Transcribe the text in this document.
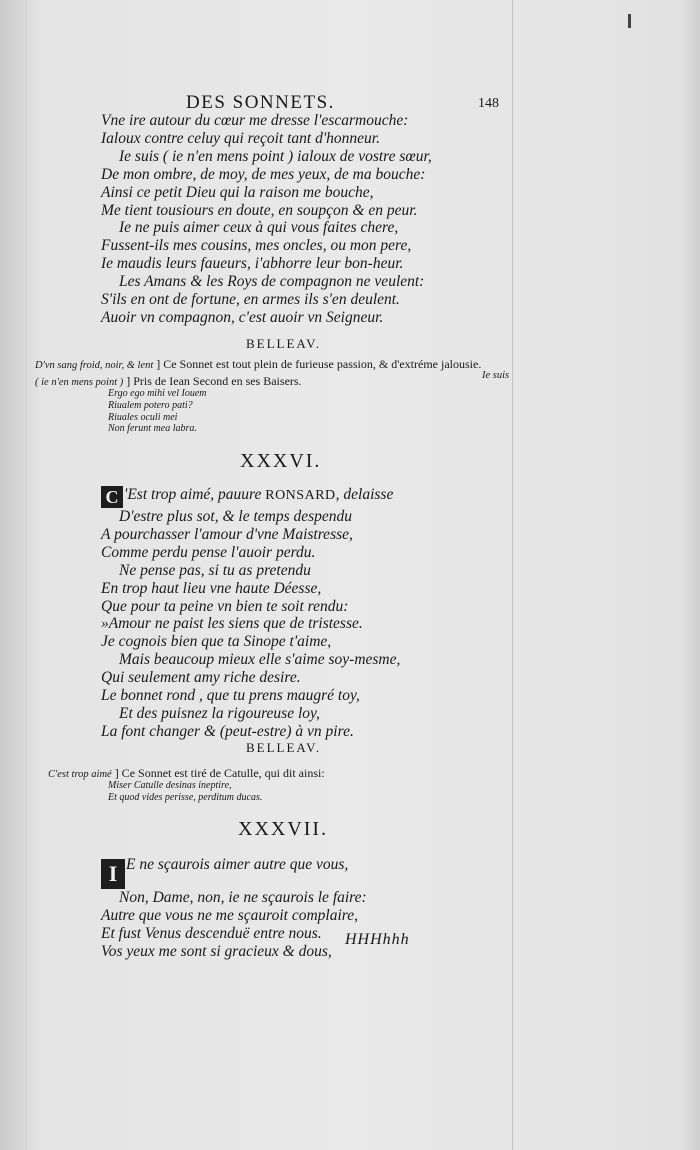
DES SONNETS.	148
Vne ire autour du cœur me dresse l'escarmouche:
Ialoux contre celuy qui reçoit tant d'honneur.
Ie suis ( ie n'en mens point ) ialoux de vostre sœur,
De mon ombre, de moy, de mes yeux, de ma bouche:
Ainsi ce petit Dieu qui la raison me bouche,
Me tient tousiours en doute, en soupçon & en peur.
Ie ne puis aimer ceux à qui vous faites chere,
Fussent-ils mes cousins, mes oncles, ou mon pere,
Ie maudis leurs faueurs, i'abhorre leur bon-heur.
Les Amans & les Roys de compagnon ne veulent:
S'ils en ont de fortune, en armes ils s'en deulent.
Auoir vn compagnon, c'est auoir vn Seigneur.
BELLEAV.
D'vn sang froid, noir, & lent ] Ce Sonnet est tout plein de furieuse passion, & d'extréme jalousie.
Ie suis
( ie n'en mens point ) ] Pris de Iean Second en ses Baisers.
Ergo ego mihi vel Iouem
Riualem potero pati?
Riuales oculi mei
Non ferunt mea labra.
XXXVI.
C 'Est trop aimé, pauure RONSARD, delaisse
D'estre plus sot, & le temps despendu
A pourchasser l'amour d'vne Maistresse,
Comme perdu pense l'auoir perdu.
Ne pense pas, si tu as pretendu
En trop haut lieu vne haute Déesse,
Que pour ta peine vn bien te soit rendu:
»Amour ne paist les siens que de tristesse.
Je cognois bien que ta Sinope t'aime,
Mais beaucoup mieux elle s'aime soy-mesme,
Qui seulement amy riche desire.
Le bonnet rond , que tu prens maugré toy,
Et des puisnez la rigoureuse loy,
La font changer & (peut-estre) à vn pire.
BELLEAV.
C'est trop aimé ] Ce Sonnet est tiré de Catulle, qui dit ainsi:
Miser Catulle desinas ineptire,
Et quod vides perisse, perditum ducas.
XXXVII.
I E ne sçaurois aimer autre que vous,
Non, Dame, non, ie ne sçaurois le faire:
Autre que vous ne me sçauroit complaire,
Et fust Venus descenduë entre nous.
Vos yeux me sont si gracieux & dous,
HHHhhh
